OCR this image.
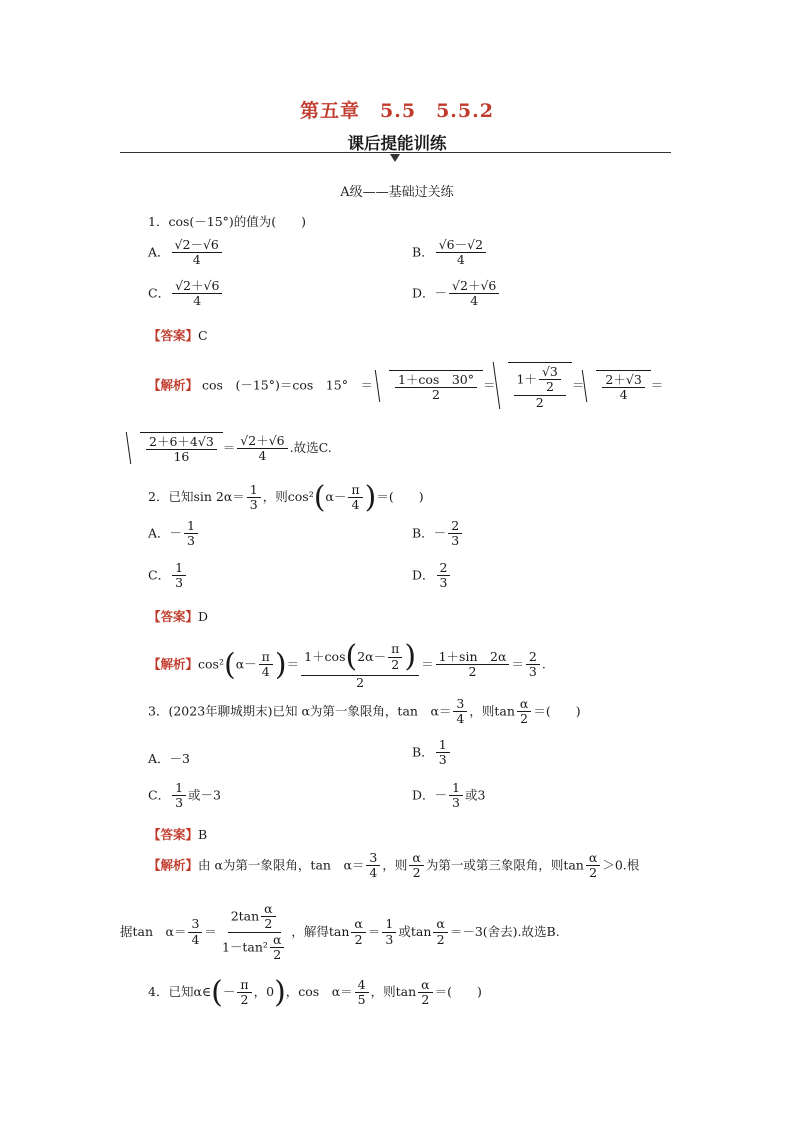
第五章　5.5　5.5.2
课后提能训练
A级——基础过关练
1．cos(－15°)的值为(　　)
A． $\frac{√2-√6}{4}$	B． $\frac{√6-√2}{4}$
C． $\frac{√2+√6}{4}$	D．－ $\frac{√2+√6}{4}$
【答案】C
【解析】 cos　(－15°)＝cos　15°　＝ $\frac{1+\cos 30^\circ}{2} = \frac{1+ \frac{√3}{2}}{2} = \frac{2+√3}{4}$ ＝
$\frac{2+6+4√3}{16} = \frac{√2+√6}{4}$ .故选C.
2．已知$\sin 2\alpha= \frac{1}{3}$ ，则$\cos^2(\alpha- \frac{\pi}{4}$ )＝(　　)
A．－ $\frac{1}{3}$	B．－ $\frac{2}{3}$
C． $\frac{1}{3}$	D． $\frac{2}{3}$
【答案】D
【解析】$\cos^2(\alpha- \frac{\pi}{4}$ )＝ $\frac{1+\cos(2\alpha- \frac{\pi}{2} )}{2} = \frac{1+\sin 2\alpha}{2} = \frac{2}{3}$ .
3．(2023年聊城期末)已知 α为第一象限角，tan　$\alpha= \frac{3}{4}$ ，则$\tan \frac{\alpha}{2}$ ＝(　　)
A．－3	B． $\frac{1}{3}$
C． $\frac{1}{3}$ 或－3	D．－ $\frac{1}{3}$ 或3
【答案】B
【解析】由 α为第一象限角，tan　$\alpha= \frac{3}{4}$ ，则 $\frac{\alpha}{2}$ 为第一或第三象限角，则$\tan \frac{\alpha}{2} >0$.根
据tan　$\alpha= \frac{3}{4} = \frac{2\tan \frac{\alpha}{2}}{1-\tan^2 \frac{\alpha}{2}}$ ，解得$\tan \frac{\alpha}{2} = \frac{1}{3}$ 或$\tan \frac{\alpha}{2} =-3$(舍去).故选B.
4．已知α∈(－ $\frac{\pi}{2}$ ，0)，cos　$\alpha= \frac{4}{5}$ ，则$\tan \frac{\alpha}{2}$ ＝(　　)
